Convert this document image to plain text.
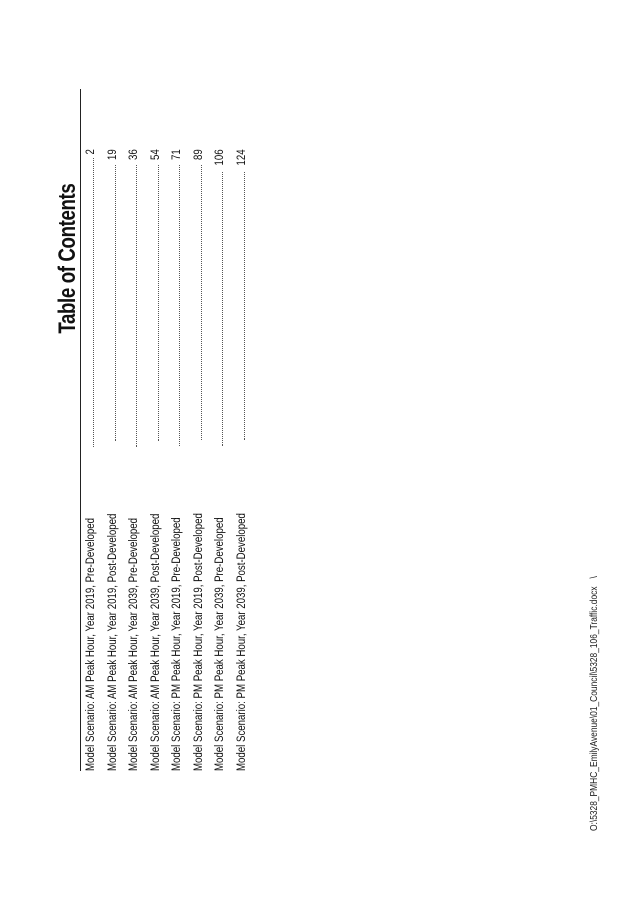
Table of Contents
Model Scenario: AM Peak Hour, Year 2019, Pre-Developed
2
Model Scenario: AM Peak Hour, Year 2019, Post-Developed
19
Model Scenario: AM Peak Hour, Year 2039, Pre-Developed
36
Model Scenario: AM Peak Hour, Year 2039, Post-Developed
54
Model Scenario: PM Peak Hour, Year 2019, Pre-Developed
71
Model Scenario: PM Peak Hour, Year 2019, Post-Developed
89
Model Scenario: PM Peak Hour, Year 2039, Pre-Developed
106
Model Scenario: PM Peak Hour, Year 2039, Post-Developed
124
O:\5328_PMHC_EmilyAvenue\01_Council\5328_106_Traffic.docx\
